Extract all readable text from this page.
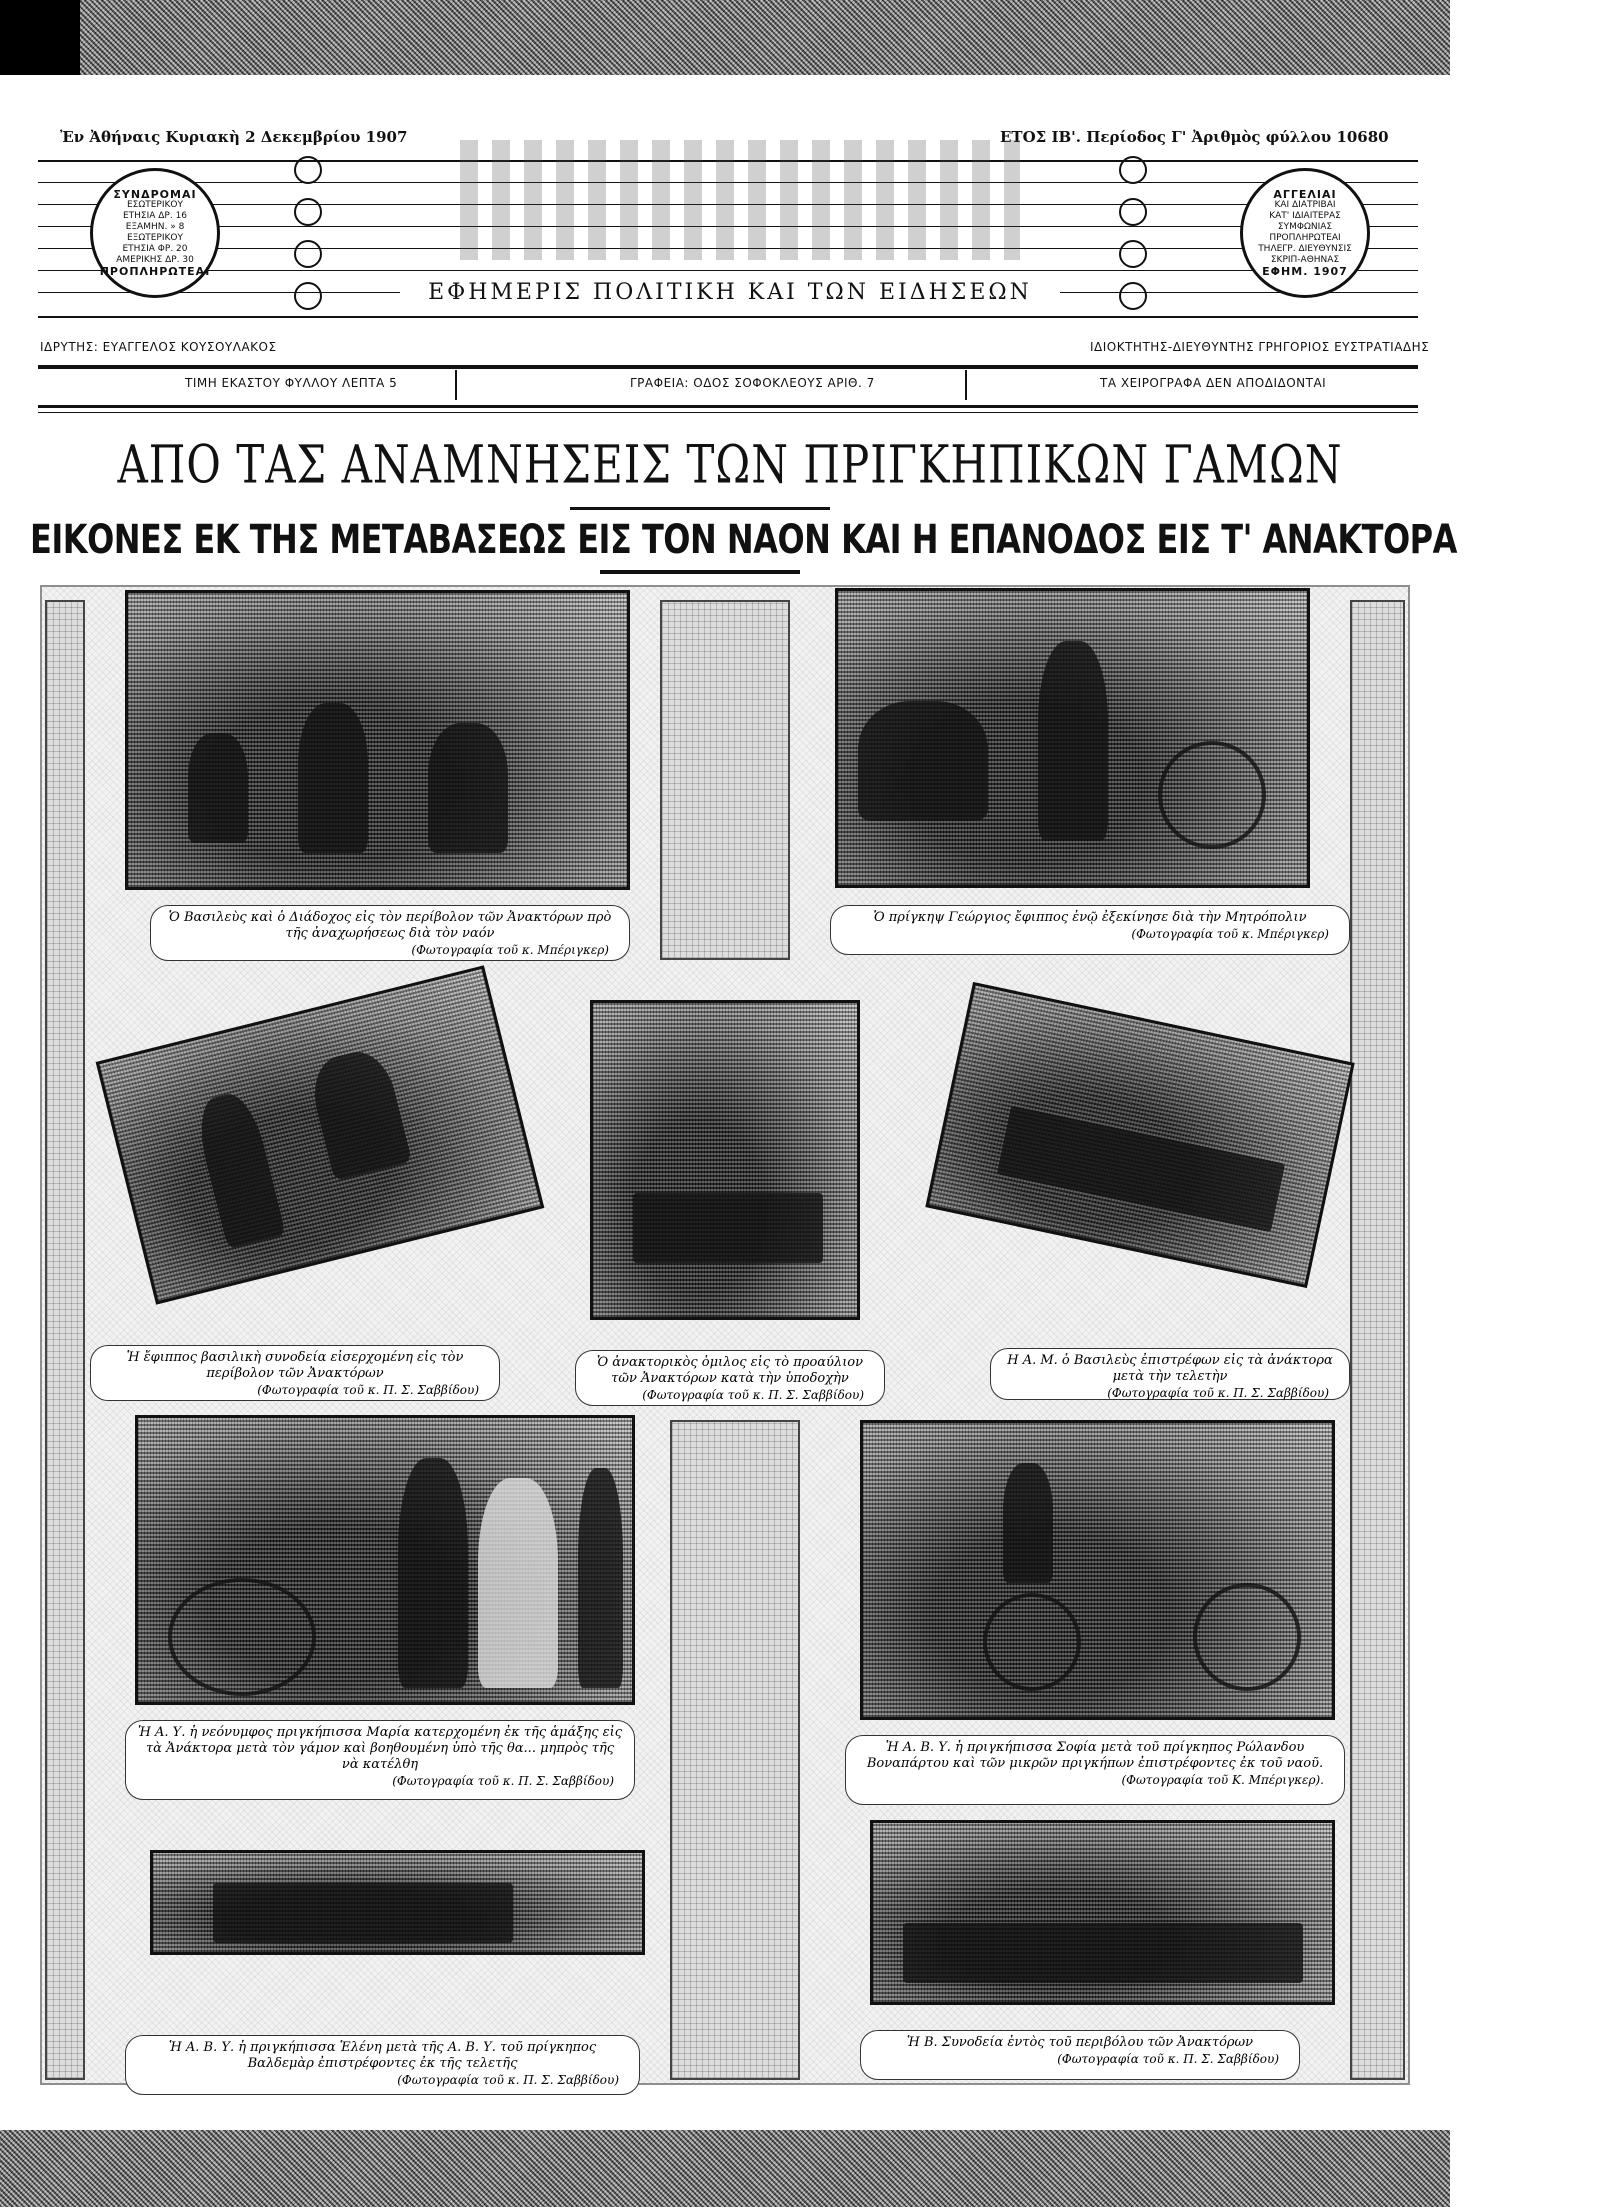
Ἐν Ἀθήναις Κυριακὴ 2 Δεκεμβρίου 1907	ΕΤΟΣ ΙΒ'. Περίοδος Γ' Ἀριθμὸς φύλλου 10680
ΣΥΝΔΡΟΜΑΙ
ΕΣΩΤΕΡΙΚΟΥ
ΕΤΗΣΙΑ ΔΡ. 16
ΕΞΑΜΗΝ. » 8
ΕΞΩΤΕΡΙΚΟΥ
ΕΤΗΣΙΑ ΦΡ. 20
ΑΜΕΡΙΚΗΣ ΔΡ. 30
ΠΡΟΠΛΗΡΩΤΕΑΙ
ΕΦΗΜΕΡΙΣ ΠΟΛΙΤΙΚΗ ΚΑΙ ΤΩΝ ΕΙΔΗΣΕΩΝ
ΑΓΓΕΛΙΑΙ
ΚΑΙ ΔΙΑΤΡΙΒΑΙ
ΚΑΤ' ΙΔΙΑΙΤΕΡΑΣ
ΣΥΜΦΩΝΙΑΣ
ΠΡΟΠΛΗΡΩΤΕΑΙ
ΤΗΛΕΓΡ. ΔΙΕΥΘΥΝΣΙΣ
ΣΚΡΙΠ-ΑΘΗΝΑΣ
ΕΦΗΜ. 1907
ΙΔΡΥΤΗΣ: ΕΥΑΓΓΕΛΟΣ ΚΟΥΣΟΥΛΑΚΟΣ	ΙΔΙΟΚΤΗΤΗΣ-ΔΙΕΥΘΥΝΤΗΣ ΓΡΗΓΟΡΙΟΣ ΕΥΣΤΡΑΤΙΑΔΗΣ
ΤΙΜΗ ΕΚΑΣΤΟΥ ΦΥΛΛΟΥ ΛΕΠΤΑ 5	ΓΡΑΦΕΙΑ: ΟΔΟΣ ΣΟΦΟΚΛΕΟΥΣ ΑΡΙΘ. 7	ΤΑ ΧΕΙΡΟΓΡΑΦΑ ΔΕΝ ΑΠΟΔΙΔΟΝΤΑΙ
ΑΠΟ ΤΑΣ ΑΝΑΜΝΗΣΕΙΣ ΤΩΝ ΠΡΙΓΚΗΠΙΚΩΝ ΓΑΜΩΝ
ΕΙΚΟΝΕΣ ΕΚ ΤΗΣ ΜΕΤΑΒΑΣΕΩΣ ΕΙΣ ΤΟΝ ΝΑΟΝ ΚΑΙ Η ΕΠΑΝΟΔΟΣ ΕΙΣ Τ' ΑΝΑΚΤΟΡΑ
Ὁ Βασιλεὺς καὶ ὁ Διάδοχος εἰς τὸν περίβολον τῶν Ἀνακτόρων πρὸ τῆς ἀναχωρήσεως διὰ τὸν ναόν
(Φωτογραφία τοῦ κ. Μπέριγκερ)
Ὁ πρίγκηψ Γεώργιος ἔφιππος ἐνῷ ἐξεκίνησε διὰ τὴν Μητρόπολιν
(Φωτογραφία τοῦ κ. Μπέριγκερ)
Ἡ ἔφιππος βασιλικὴ συνοδεία εἰσερχομένη εἰς τὸν περίβολον τῶν Ἀνακτόρων
(Φωτογραφία τοῦ κ. Π. Σ. Σαββίδου)
Ὁ ἀνακτορικὸς ὁμιλος εἰς τὸ προαύλιον τῶν Ἀνακτόρων κατὰ τὴν ὑποδοχὴν
(Φωτογραφία τοῦ κ. Π. Σ. Σαββίδου)
Η Α. Μ. ὁ Βασιλεὺς ἐπιστρέφων εἰς τὰ ἀνάκτορα μετὰ τὴν τελετὴν
(Φωτογραφία τοῦ κ. Π. Σ. Σαββίδου)
Ἡ Α. Υ. ἡ νεόνυμφος πριγκήπισσα Μαρία κατερχομένη ἐκ τῆς ἁμάξης εἰς τὰ Ἀνάκτορα μετὰ τὸν γάμον καὶ βοηθουμένη ὑπὸ τῆς θα... μηπρὸς τῆς νὰ κατέλθη
(Φωτογραφία τοῦ κ. Π. Σ. Σαββίδου)
Ἡ Α. Β. Υ. ἡ πριγκήπισσα Σοφία μετὰ τοῦ πρίγκηπος Ρώλανδου Βοναπάρτου καὶ τῶν μικρῶν πριγκήπων ἐπιστρέφοντες ἐκ τοῦ ναοῦ.
(Φωτογραφία τοῦ Κ. Μπέριγκερ).
Ἡ Α. Β. Υ. ἡ πριγκήπισσα Ἑλένη μετὰ τῆς Α. Β. Υ. τοῦ πρίγκηπος Βαλδεμὰρ ἐπιστρέφοντες ἐκ τῆς τελετῆς
(Φωτογραφία τοῦ κ. Π. Σ. Σαββίδου)
Ἡ Β. Συνοδεία ἐντὸς τοῦ περιβόλου τῶν Ἀνακτόρων
(Φωτογραφία τοῦ κ. Π. Σ. Σαββίδου)
